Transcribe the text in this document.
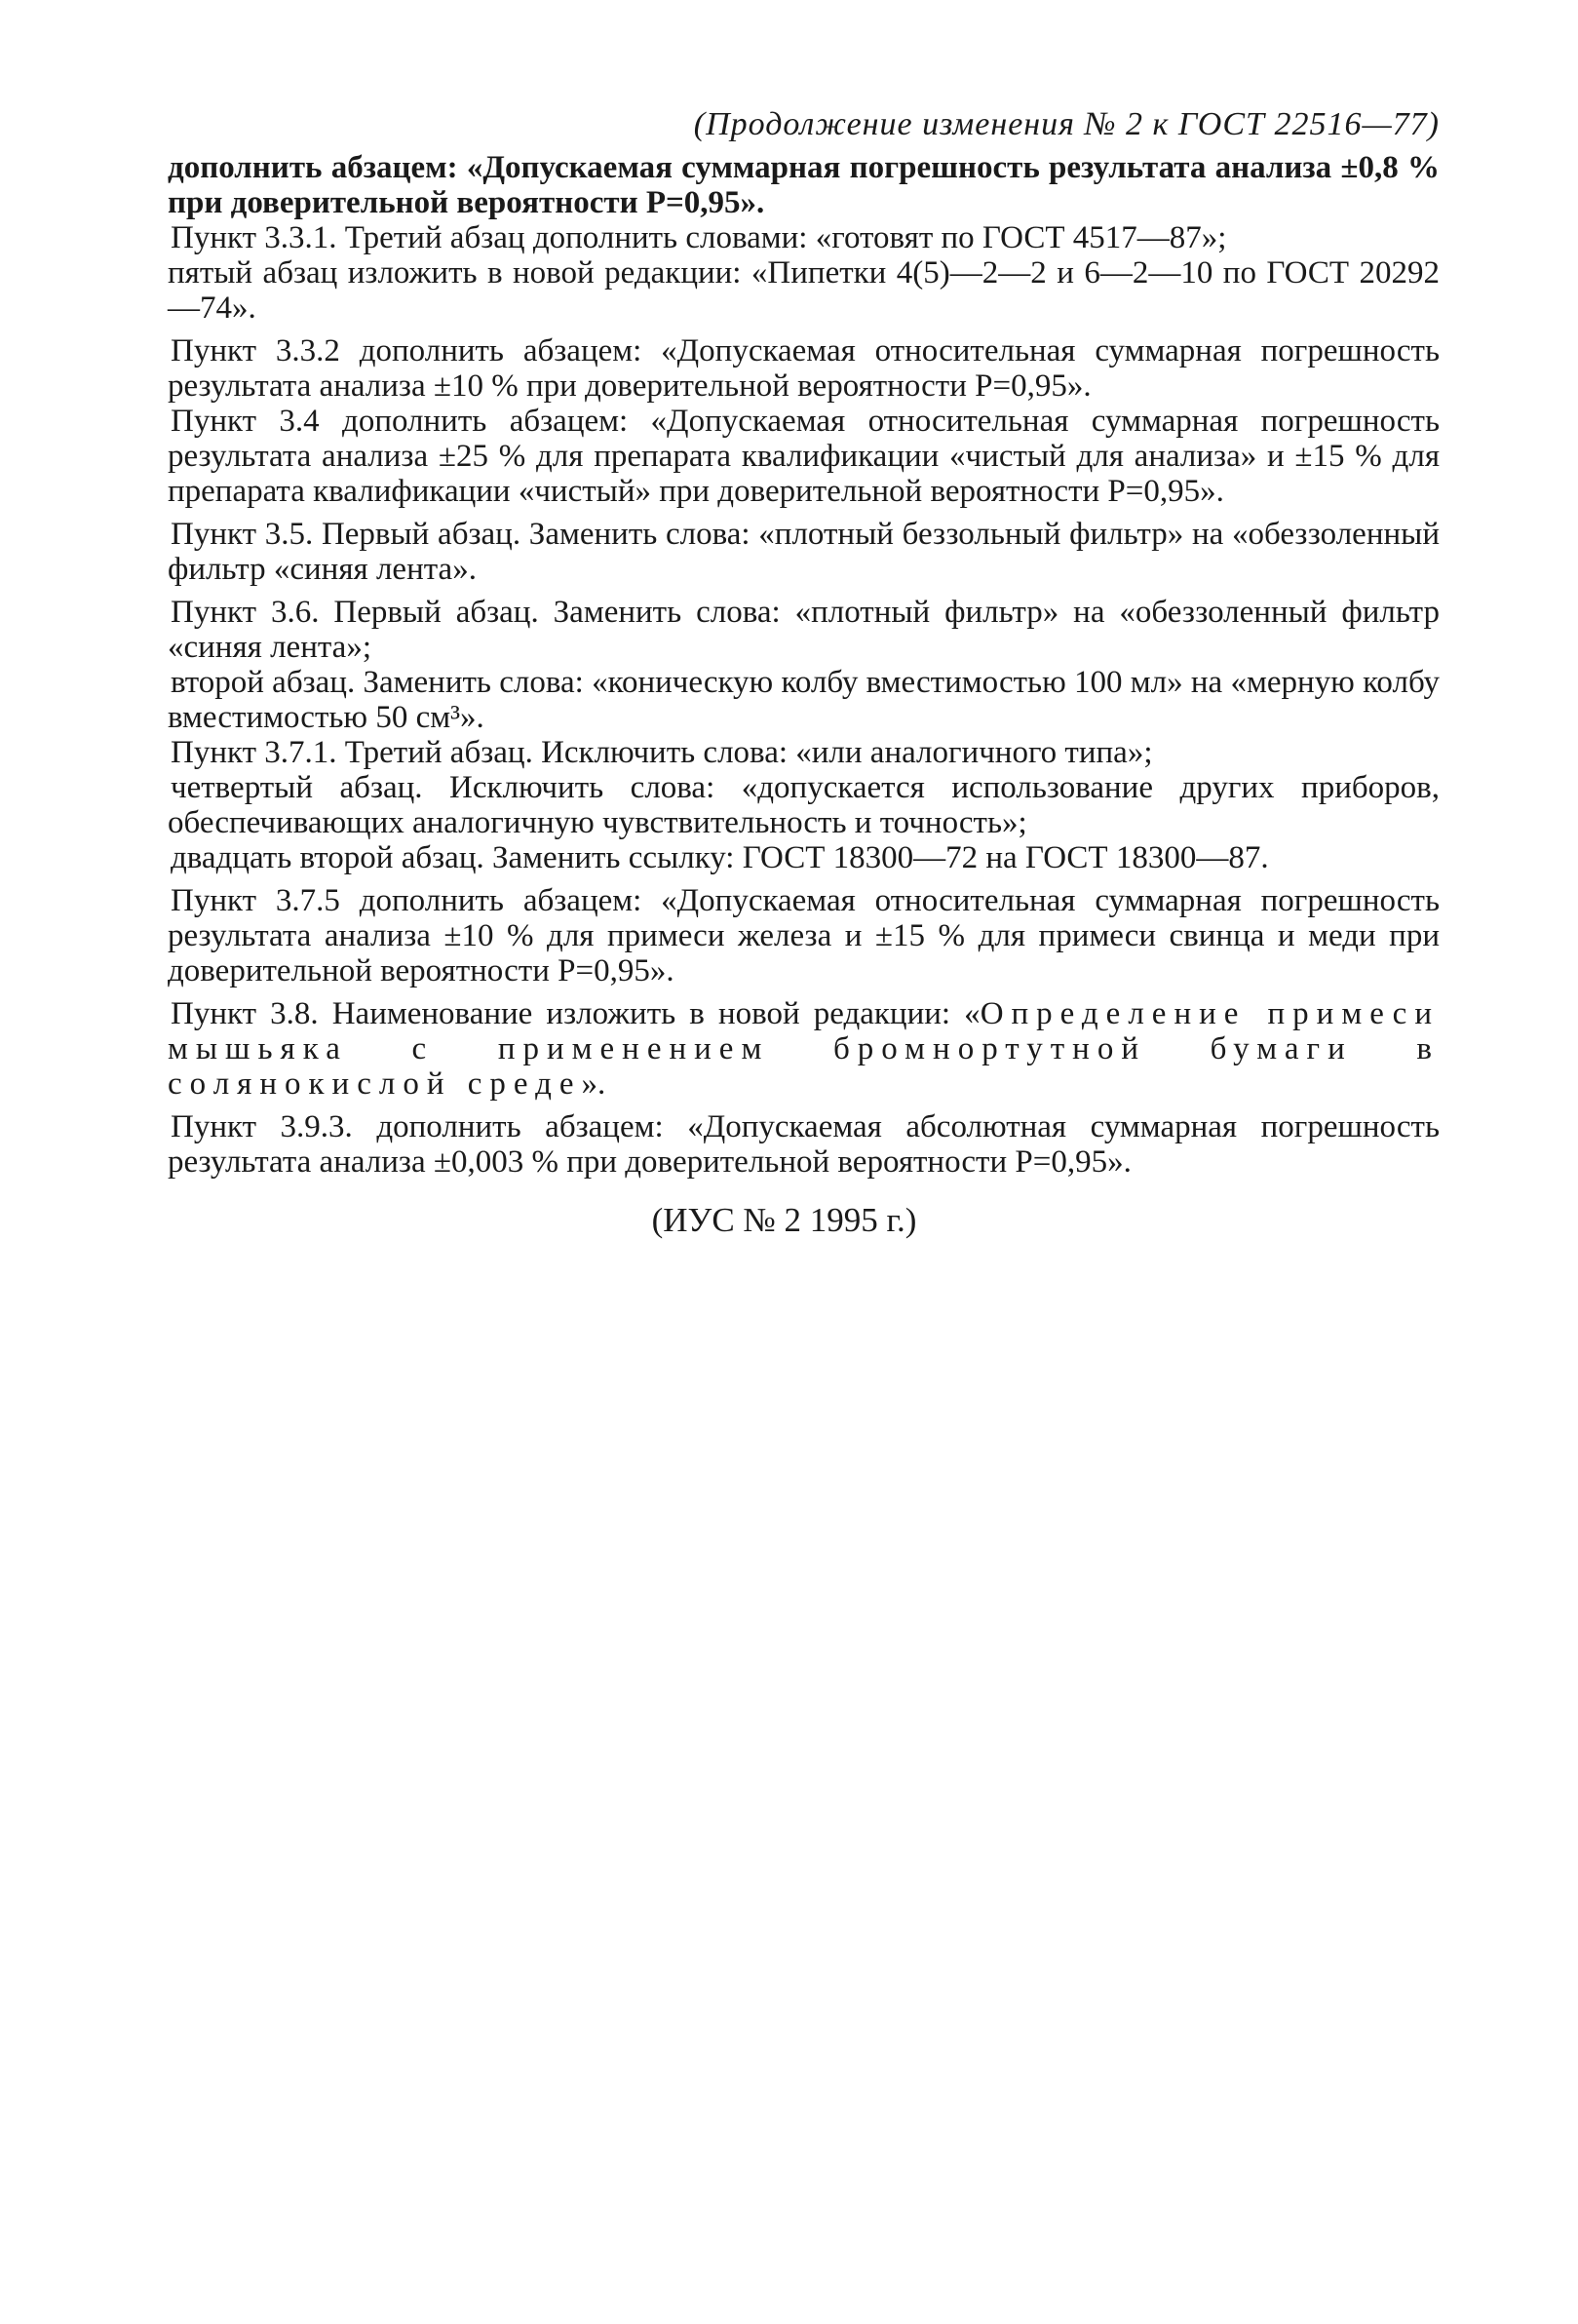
(Продолжение изменения № 2 к ГОСТ 22516—77)

дополнить абзацем: «Допускаемая суммарная погрешность результата анализа ±0,8 % при доверительной вероятности P=0,95».

Пункт 3.3.1. Третий абзац дополнить словами: «готовят по ГОСТ 4517—87»;

пятый абзац изложить в новой редакции: «Пипетки 4(5)—2—2 и 6—2—10 по ГОСТ 20292—74».

Пункт 3.3.2 дополнить абзацем: «Допускаемая относительная суммарная погрешность результата анализа ±10 % при доверительной вероятности P=0,95».

Пункт 3.4 дополнить абзацем: «Допускаемая относительная суммарная погрешность результата анализа ±25 % для препарата квалификации «чистый для анализа» и ±15 % для препарата квалификации «чистый» при доверительной вероятности P=0,95».

Пункт 3.5. Первый абзац. Заменить слова: «плотный беззольный фильтр» на «обеззоленный фильтр «синяя лента».

Пункт 3.6. Первый абзац. Заменить слова: «плотный фильтр» на «обеззоленный фильтр «синяя лента»;

второй абзац. Заменить слова: «коническую колбу вместимостью 100 мл» на «мерную колбу вместимостью 50 см³».

Пункт 3.7.1. Третий абзац. Исключить слова: «или аналогичного типа»;

четвертый абзац. Исключить слова: «допускается использование других приборов, обеспечивающих аналогичную чувствительность и точность»;

двадцать второй абзац. Заменить ссылку: ГОСТ 18300—72 на ГОСТ 18300—87.

Пункт 3.7.5 дополнить абзацем: «Допускаемая относительная суммарная погрешность результата анализа ±10 % для примеси железа и ±15 % для примеси свинца и меди при доверительной вероятности P=0,95».

Пункт 3.8. Наименование изложить в новой редакции: «Определение примеси мышьяка с применением бромнортутной бумаги в солянокислой среде».

Пункт 3.9.3. дополнить абзацем: «Допускаемая абсолютная суммарная погрешность результата анализа ±0,003 % при доверительной вероятности P=0,95».

(ИУС № 2 1995 г.)
